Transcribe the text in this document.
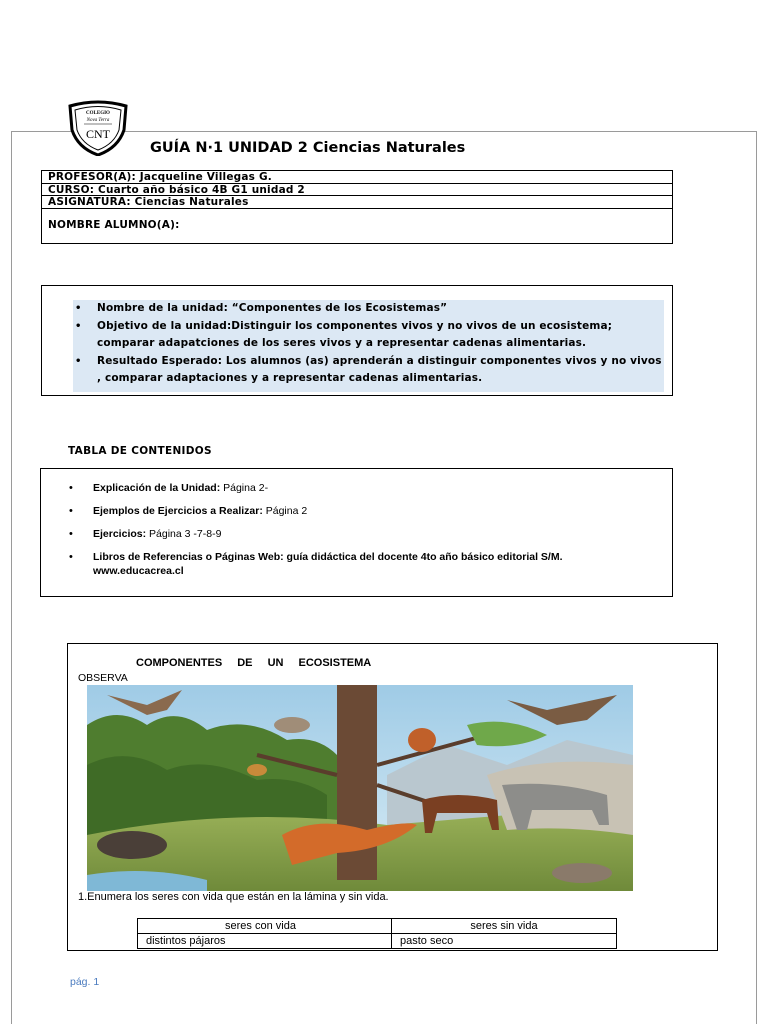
COLEGIO
Nova Terra
CNT
GUÍA N·1 UNIDAD 2 Ciencias Naturales
PROFESOR(A): Jacqueline Villegas G.
CURSO: Cuarto año básico 4B G1 unidad 2
ASIGNATURA: Ciencias Naturales
NOMBRE ALUMNO(A):
• Nombre de la unidad: “Componentes de los Ecosistemas”
• Objetivo de la unidad:Distinguir los componentes vivos y no vivos de un ecosistema; comparar adapatciones de los seres vivos y a representar cadenas alimentarias.
• Resultado Esperado: Los alumnos (as) aprenderán a distinguir componentes vivos y no vivos , comparar adaptaciones y a representar cadenas alimentarias.
TABLA DE CONTENIDOS
• Explicación de la Unidad: Página 2-
• Ejemplos de Ejercicios a Realizar: Página 2
• Ejercicios: Página 3 -7-8-9
• Libros de Referencias o Páginas Web: guía didáctica del docente 4to año básico editorial S/M.
www.educacrea.cl
COMPONENTES DE UN ECOSISTEMA
OBSERVA
1.Enumera los seres con vida que están en la lámina y sin vida.
seres con vida	seres sin vida
distintos pájaros	pasto seco
pág. 1
